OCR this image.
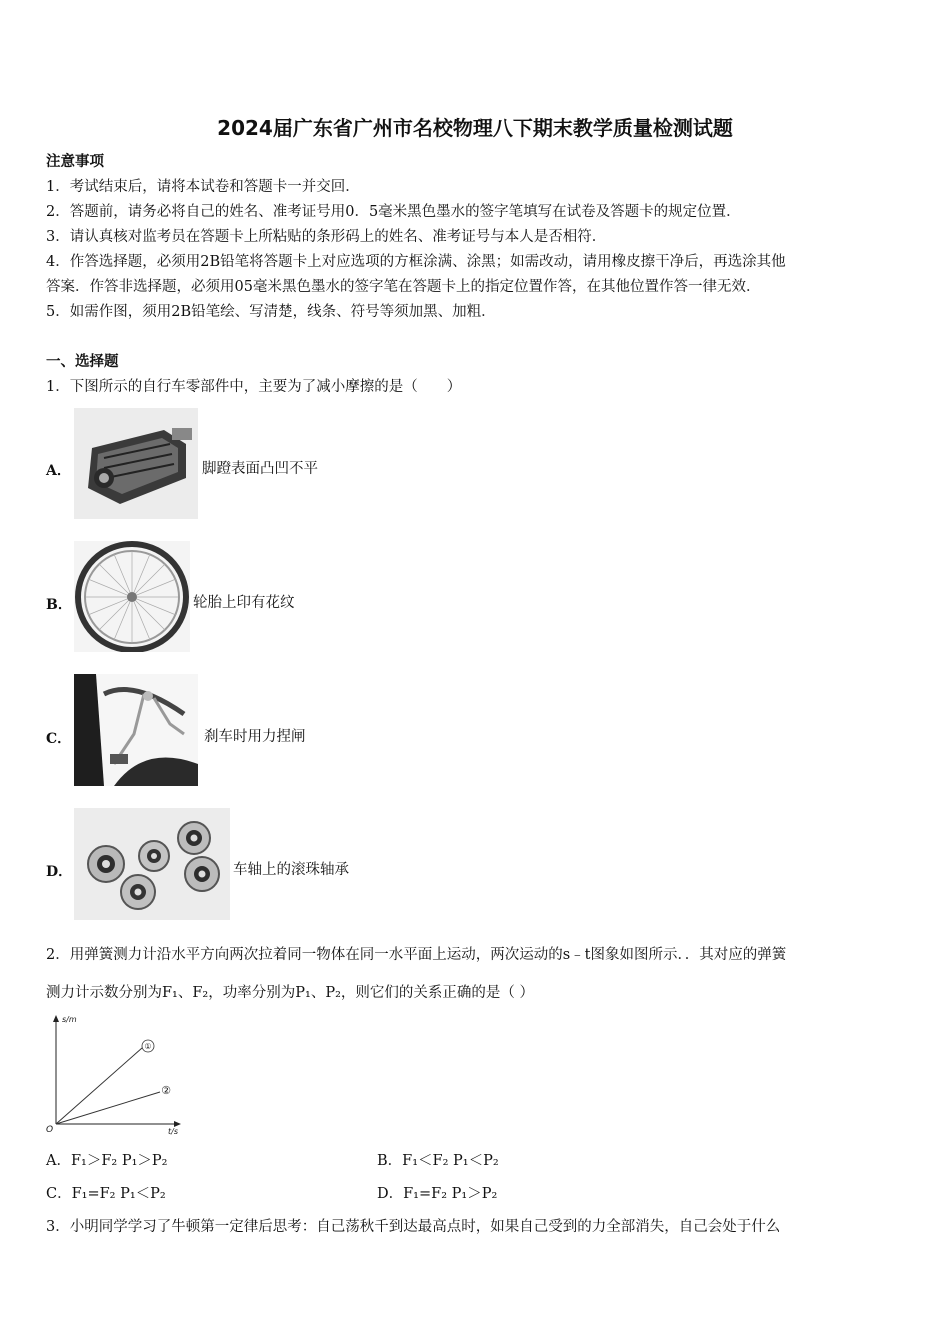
2024届广东省广州市名校物理八下期末教学质量检测试题
注意事项
1．考试结束后，请将本试卷和答题卡一并交回．
2．答题前，请务必将自己的姓名、准考证号用0．5毫米黑色墨水的签字笔填写在试卷及答题卡的规定位置．
3．请认真核对监考员在答题卡上所粘贴的条形码上的姓名、准考证号与本人是否相符．
4．作答选择题，必须用2B铅笔将答题卡上对应选项的方框涂满、涂黑；如需改动，请用橡皮擦干净后，再选涂其他
答案．作答非选择题，必须用05毫米黑色墨水的签字笔在答题卡上的指定位置作答，在其他位置作答一律无效．
5．如需作图，须用2B铅笔绘、写清楚，线条、符号等须加黑、加粗．
一、选择题
1．下图所示的自行车零部件中，主要为了减小摩擦的是（　　）
A．	脚蹬表面凸凹不平
B．	轮胎上印有花纹
C．	刹车时用力捏闸
D．	车轴上的滚珠轴承
2．用弹簧测力计沿水平方向两次拉着同一物体在同一水平面上运动，两次运动的s﹣t图象如图所示．．其对应的弹簧
测力计示数分别为F₁、F₂，功率分别为P₁、P₂，则它们的关系正确的是（ ）
①
②
s/m
O	t/s
A．F₁＞F₂ P₁＞P₂	B．F₁＜F₂ P₁＜P₂
C．F₁=F₂ P₁＜P₂	D．F₁=F₂ P₁＞P₂
3．小明同学学习了牛顿第一定律后思考：自己荡秋千到达最高点时，如果自己受到的力全部消失，自己会处于什么
